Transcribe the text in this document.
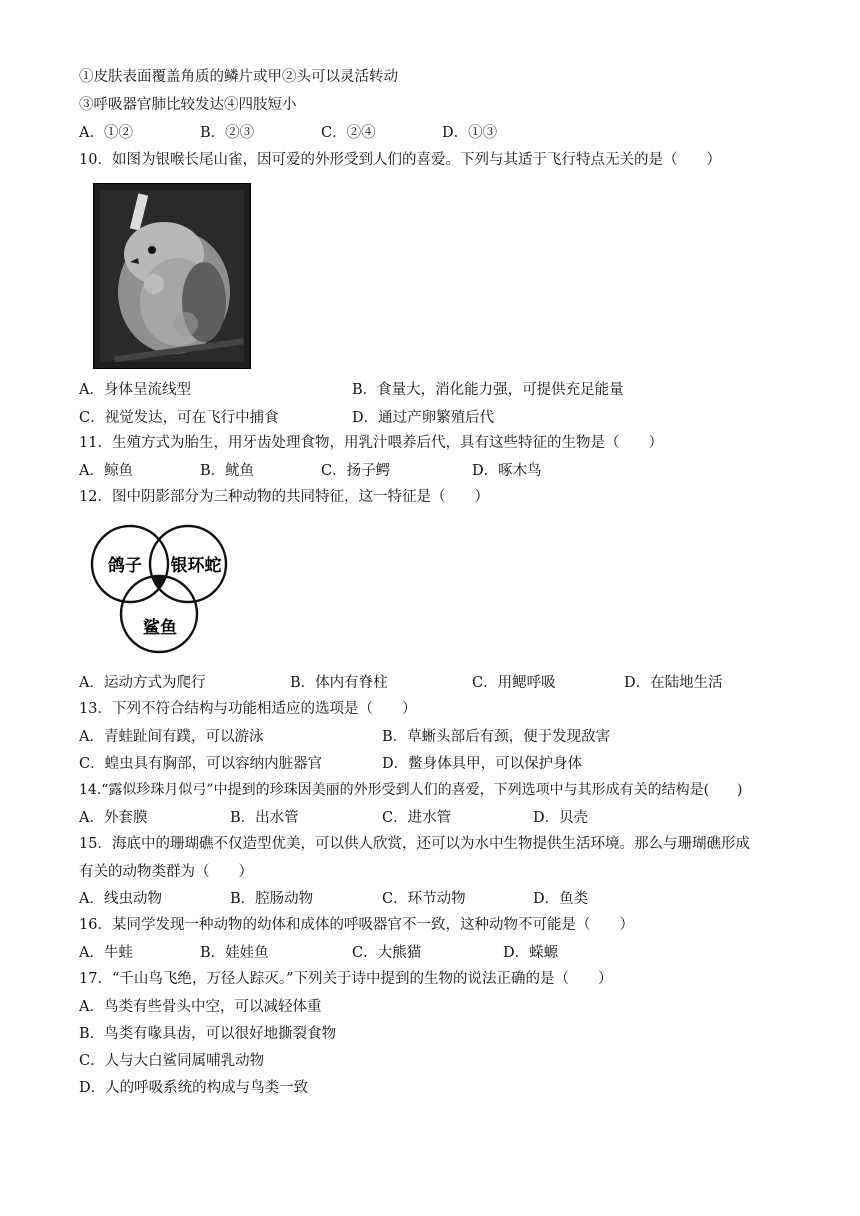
①皮肤表面覆盖角质的鳞片或甲②头可以灵活转动
③呼吸器官肺比较发达④四肢短小
A．①②	B．②③	C．②④	D．①③
10．如图为银喉长尾山雀，因可爱的外形受到人们的喜爱。下列与其适于飞行特点无关的是（　　）
A．身体呈流线型	B．食量大，消化能力强，可提供充足能量
C．视觉发达，可在飞行中捕食	D．通过产卵繁殖后代
11．生殖方式为胎生，用牙齿处理食物，用乳汁喂养后代，具有这些特征的生物是（　　）
A．鲸鱼	B．鱿鱼	C．扬子鳄	D．啄木鸟
12．图中阴影部分为三种动物的共同特征，这一特征是（　　）
鸽子 银环蛇
鲨鱼
A．运动方式为爬行	B．体内有脊柱	C．用鳃呼吸	D．在陆地生活
13．下列不符合结构与功能相适应的选项是（　　）
A．青蛙趾间有蹼，可以游泳	B．草蜥头部后有颈，便于发现敌害
C．蝗虫具有胸部，可以容纳内脏器官	D．鳖身体具甲，可以保护身体
14.“露似珍珠月似弓”中提到的珍珠因美丽的外形受到人们的喜爱，下列选项中与其形成有关的结构是(　　)
A．外套膜	B．出水管	C．进水管	D．贝壳
15．海底中的珊瑚礁不仅造型优美，可以供人欣赏，还可以为水中生物提供生活环境。那么与珊瑚礁形成
有关的动物类群为（　　）
A．线虫动物	B．腔肠动物	C．环节动物	D．鱼类
16．某同学发现一种动物的幼体和成体的呼吸器官不一致，这种动物不可能是（　　）
A．牛蛙	B．娃娃鱼	C．大熊猫	D．蝾螈
17．“千山鸟飞绝，万径人踪灭。”下列关于诗中提到的生物的说法正确的是（　　）
A．鸟类有些骨头中空，可以减轻体重
B．鸟类有喙具齿，可以很好地撕裂食物
C．人与大白鲨同属哺乳动物
D．人的呼吸系统的构成与鸟类一致
